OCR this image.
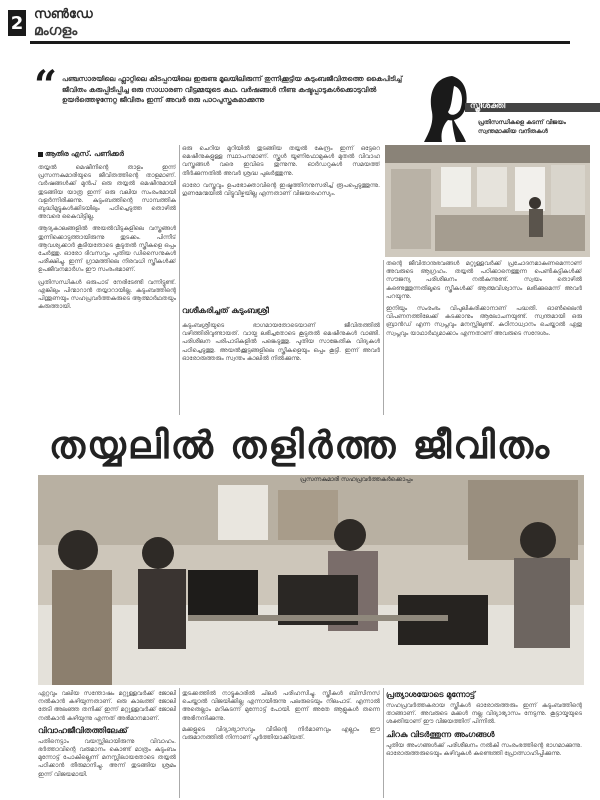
2 സൺഡേ
മംഗളം
“ പഞ്ചസാരയിലെ ഫ്ലാറ്റിലെ കിടപ്പറയിലെ ഇരുണ്ട മൂലയിലിരുന്ന് തുന്നിക്കൂട്ടിയ കുടുംബജീവിതത്തെ കൈപിടിച്ച് ജീവിതം കരുപ്പിടിപ്പിച്ച ഒരു സാധാരണ വീട്ടമ്മയുടെ കഥ. വർഷങ്ങൾ നീണ്ട കഷ്ടപ്പാടുകൾക്കൊടുവിൽ ഉയർത്തെഴുന്നേറ്റ ജീവിതം ഇന്ന് അവർ ഒരു പാഠപുസ്തകമാക്കുന്നു
സ്ത്രീശക്തി
പ്രതിസന്ധികളെ കടന്ന് വിജയം സ്വന്തമാക്കിയ വനിതകൾ
ആതിര എസ്. പണിക്കർ

തയ്യൽ മെഷീനിന്റെ താളം ഇന്ന് പ്രസന്നകുമാരിയുടെ ജീവിതത്തിന്റെ താളമാണ്. വർഷങ്ങൾക്ക് മുൻപ് ഒരു തയ്യൽ മെഷീനുമായി തുടങ്ങിയ യാത്ര ഇന്ന് ഒരു വലിയ സംരംഭമായി വളർന്നിരിക്കുന്നു. കുടുംബത്തിന്റെ സാമ്പത്തിക ബുദ്ധിമുട്ടുകൾക്കിടയിലും പഠിച്ചെടുത്ത തൊഴിൽ അവരെ കൈവിട്ടില്ല.

ആദ്യകാലങ്ങളിൽ അയൽവീടുകളിലെ വസ്ത്രങ്ങൾ തുന്നിക്കൊടുത്തായിരുന്നു തുടക്കം. പിന്നീട് ആവശ്യക്കാർ കൂടിയതോടെ കൂടുതൽ സ്ത്രീകളെ ഒപ്പം ചേർത്തു. ഓരോ ദിവസവും പുതിയ ഡിസൈനുകൾ പരീക്ഷിച്ചു. ഇന്ന് ഗ്രാമത്തിലെ നിരവധി സ്ത്രീകൾക്ക് ഉപജീവനമാർഗം ഈ സംരംഭമാണ്.

പ്രതിസന്ധികൾ ഒരുപാട് നേരിടേണ്ടി വന്നിട്ടുണ്ട്. എങ്കിലും പിന്മാറാൻ തയ്യാറായില്ല. കുടുംബത്തിന്റെ പിന്തുണയും സഹപ്രവർത്തകരുടെ ആത്മാർഥതയും കരുത്തായി.

ഒരു ചെറിയ മുറിയിൽ തുടങ്ങിയ തയ്യൽ കേന്ദ്രം ഇന്ന് ഒട്ടേറെ മെഷീനുകളുള്ള സ്ഥാപനമാണ്. സ്കൂൾ യൂണിഫോമുകൾ മുതൽ വിവാഹ വസ്ത്രങ്ങൾ വരെ ഇവിടെ തുന്നുന്നു. ഓർഡറുകൾ സമയത്ത് തീർക്കുന്നതിൽ അവർ ശ്രദ്ധ പുലർത്തുന്നു.

ഓരോ വസ്ത്രവും ഉപഭോക്താവിന്റെ ഇഷ്ടത്തിനനുസരിച്ച് രൂപപ്പെടുത്തുന്നു. ഗുണമേന്മയിൽ വിട്ടുവീഴ്ചയില്ല എന്നതാണ് വിജയരഹസ്യം.

വശീകരിച്ചത് കുടുംബശ്രീ

കുടുംബശ്രീയുടെ ഭാഗമായതോടെയാണ് ജീവിതത്തിൽ വഴിത്തിരിവുണ്ടായത്. വായ്പ ലഭിച്ചതോടെ കൂടുതൽ മെഷീനുകൾ വാങ്ങി. പരിശീലന പരിപാടികളിൽ പങ്കെടുത്തു. പുതിയ സാങ്കേതിക വിദ്യകൾ പഠിച്ചെടുത്തു. അയൽക്കൂട്ടങ്ങളിലെ സ്ത്രീകളെയും ഒപ്പം കൂട്ടി. ഇന്ന് അവർ ഓരോരുത്തരും സ്വന്തം കാലിൽ നിൽക്കുന്നു.

തന്റെ ജീവിതാനുഭവങ്ങൾ മറ്റുള്ളവർക്ക് പ്രചോദനമാകണമെന്നാണ് അവരുടെ ആഗ്രഹം. തയ്യൽ പഠിക്കാനെത്തുന്ന പെൺകുട്ടികൾക്ക് സൗജന്യ പരിശീലനം നൽകുന്നുണ്ട്. സ്വയം തൊഴിൽ കണ്ടെത്തുന്നതിലൂടെ സ്ത്രീകൾക്ക് ആത്മവിശ്വാസം ലഭിക്കുമെന്ന് അവർ പറയുന്നു.

ഇനിയും സംരംഭം വിപുലീകരിക്കാനാണ് പദ്ധതി. ഓൺലൈൻ വിപണനത്തിലേക്ക് കടക്കാനും ആലോചനയുണ്ട്. സ്വന്തമായി ഒരു ബ്രാൻഡ് എന്ന സ്വപ്നവും മനസ്സിലുണ്ട്. കഠിനാധ്വാനം ചെയ്താൽ ഏതു സ്വപ്നവും യാഥാർഥ്യമാക്കാം എന്നതാണ് അവരുടെ സന്ദേശം.

തയ്യലിൽ തളിർത്ത ജീവിതം
പ്രസന്നകുമാരി സഹപ്രവർത്തകർക്കൊപ്പം

ഏറ്റവും വലിയ സന്തോഷം മറ്റുള്ളവർക്ക് ജോലി നൽകാൻ കഴിയുന്നതാണ്. ഒരു കാലത്ത് ജോലി തേടി അലഞ്ഞ തനിക്ക് ഇന്ന് മറ്റുള്ളവർക്ക് ജോലി നൽകാൻ കഴിയുന്നു എന്നത് അഭിമാനമാണ്.

വിവാഹജീവിതത്തിലേക്ക്

പതിനെട്ടാം വയസ്സിലായിരുന്നു വിവാഹം. ഭർത്താവിന്റെ വരുമാനം കൊണ്ട് മാത്രം കുടുംബം മുന്നോട്ട് പോകില്ലെന്ന് മനസ്സിലായതോടെ തയ്യൽ പഠിക്കാൻ തീരുമാനിച്ചു. അന്ന് തുടങ്ങിയ ശ്രമം ഇന്ന് വിജയമായി.

തുടക്കത്തിൽ നാട്ടുകാരിൽ ചിലർ പരിഹസിച്ചു. സ്ത്രീകൾ ബിസിനസ് ചെയ്താൽ വിജയിക്കില്ല എന്നായിരുന്നു പലരുടെയും നിലപാട്. എന്നാൽ അതെല്ലാം മറികടന്ന് മുന്നോട്ട് പോയി. ഇന്ന് അതേ ആളുകൾ തന്നെ അഭിനന്ദിക്കുന്നു.

മക്കളുടെ വിദ്യാഭ്യാസവും വീടിന്റെ നിർമാണവും എല്ലാം ഈ വരുമാനത്തിൽ നിന്നാണ് പൂർത്തിയാക്കിയത്.

പ്രത്യാശയോടെ മുന്നോട്ട്

സഹപ്രവർത്തകരായ സ്ത്രീകൾ ഓരോരുത്തരും ഇന്ന് കുടുംബത്തിന്റെ താങ്ങാണ്. അവരുടെ മക്കൾ നല്ല വിദ്യാഭ്യാസം നേടുന്നു. കൂട്ടായ്മയുടെ ശക്തിയാണ് ഈ വിജയത്തിന് പിന്നിൽ.

ചിറകു വിടർത്തുന്ന അംഗങ്ങൾ

പുതിയ അംഗങ്ങൾക്ക് പരിശീലനം നൽകി സംരംഭത്തിന്റെ ഭാഗമാക്കുന്നു. ഓരോരുത്തരുടെയും കഴിവുകൾ കണ്ടെത്തി പ്രോത്സാഹിപ്പിക്കുന്നു.
